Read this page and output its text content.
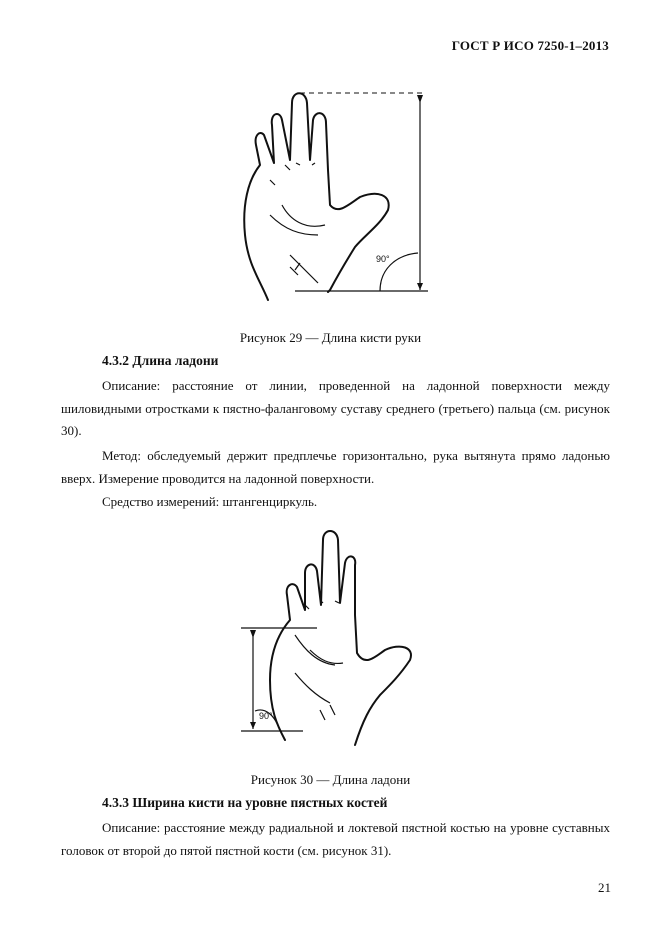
ГОСТ Р ИСО 7250-1–2013
90°
Рисунок 29 — Длина кисти руки
4.3.2 Длина ладони

Описание: расстояние от линии, проведенной на ладонной поверхности между шиловидными отростками к пястно-фаланговому суставу среднего (третьего) пальца (см. рисунок 30).

Метод: обследуемый держит предплечье горизонтально, рука вытянута прямо ладонью вверх. Измерение проводится на ладонной поверхности.

Средство измерений: штангенциркуль.

90°
Рисунок 30 — Длина ладони
4.3.3 Ширина кисти на уровне пястных костей

Описание: расстояние между радиальной и локтевой пястной костью на уровне суставных головок от второй до пятой пястной кости (см. рисунок 31).

21
